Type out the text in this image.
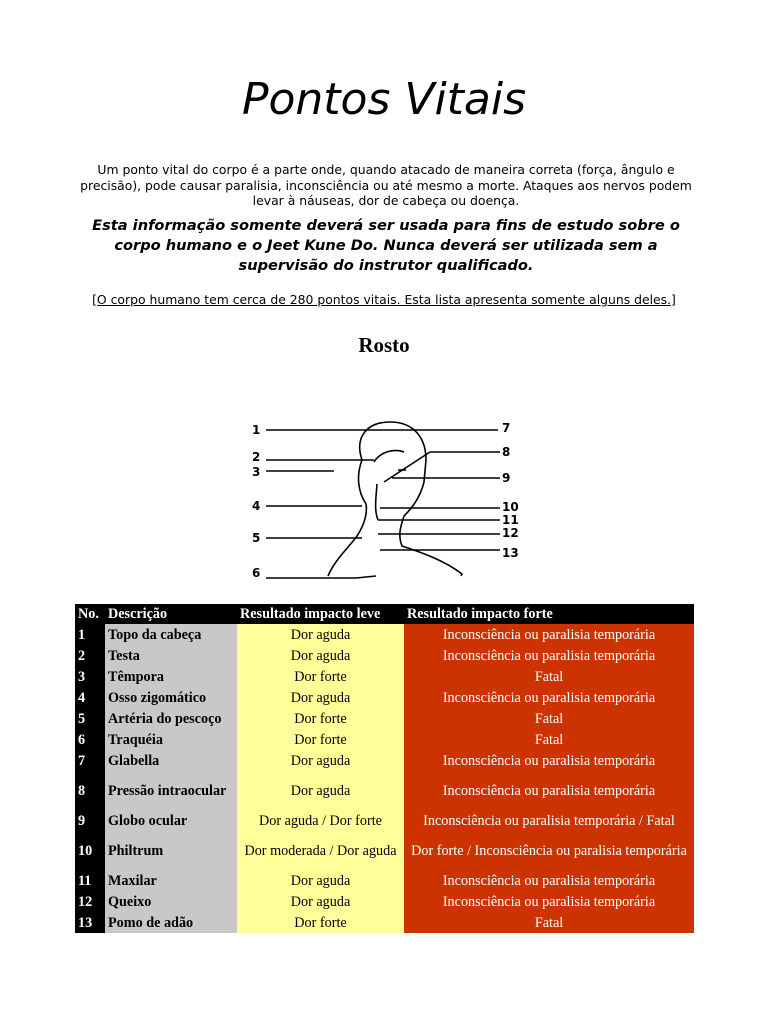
Pontos Vitais
Um ponto vital do corpo é a parte onde, quando atacado de maneira correta (força, ângulo e precisão), pode causar paralisia, inconsciência ou até mesmo a morte. Ataques aos nervos podem levar à náuseas, dor de cabeça ou doença.
Esta informação somente deverá ser usada para fins de estudo sobre o corpo humano e o Jeet Kune Do. Nunca deverá ser utilizada sem a supervisão do instrutor qualificado.
[O corpo humano tem cerca de 280 pontos vitais. Esta lista apresenta somente alguns deles.]
Rosto
1
2
3
4
5
6
7
8
9
10
11
12
13
No.	Descrição	Resultado impacto leve	Resultado impacto forte
1	Topo da cabeça	Dor aguda	Inconsciência ou paralisia temporária
2	Testa	Dor aguda	Inconsciência ou paralisia temporária
3	Têmpora	Dor forte	Fatal
4	Osso zigomático	Dor aguda	Inconsciência ou paralisia temporária
5	Artéria do pescoço	Dor forte	Fatal
6	Traquéia	Dor forte	Fatal
7	Glabella	Dor aguda	Inconsciência ou paralisia temporária
8	Pressão intraocular	Dor aguda	Inconsciência ou paralisia temporária
9	Globo ocular	Dor aguda / Dor forte	Inconsciência ou paralisia temporária / Fatal
10	Philtrum	Dor moderada / Dor aguda	Dor forte / Inconsciência ou paralisia temporária
11	Maxilar	Dor aguda	Inconsciência ou paralisia temporária
12	Queixo	Dor aguda	Inconsciência ou paralisia temporária
13	Pomo de adão	Dor forte	Fatal
